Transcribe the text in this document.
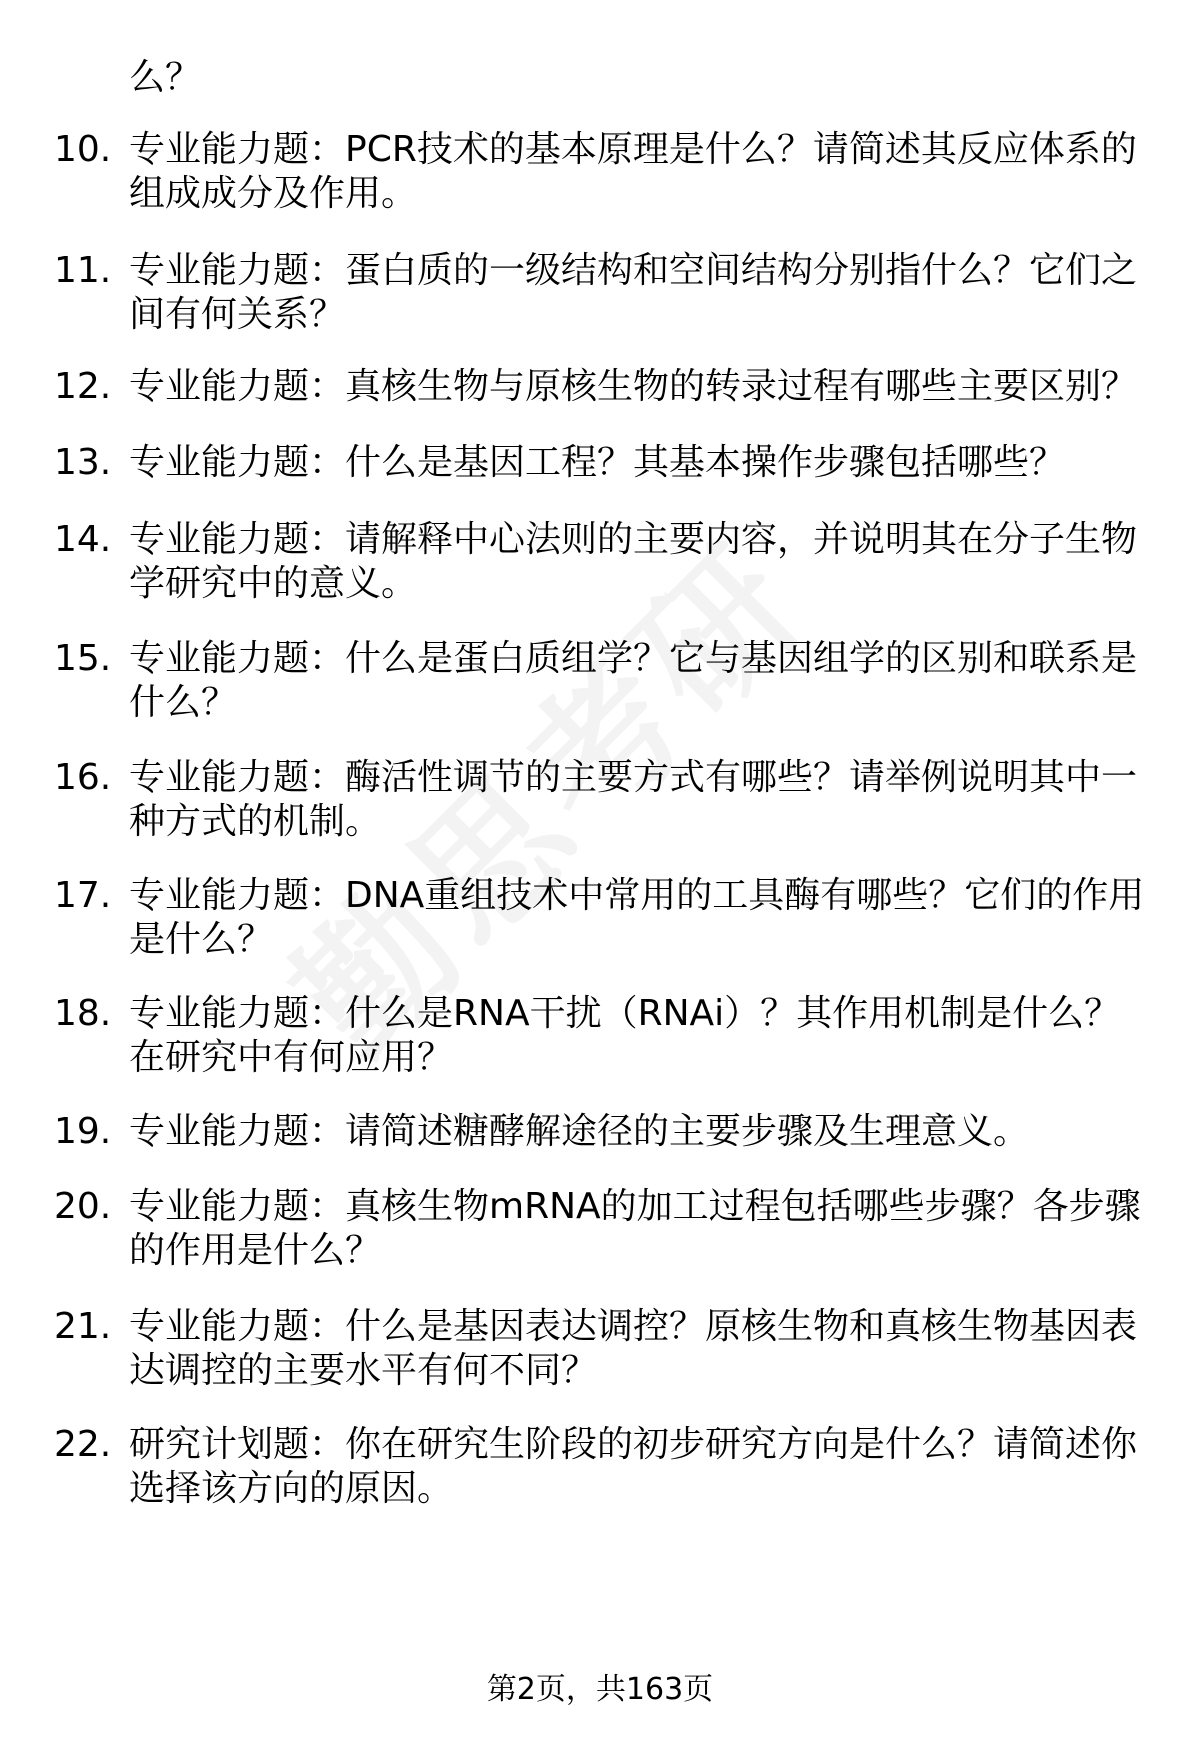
么？
10. 专业能力题：PCR技术的基本原理是什么？请简述其反应体系的
组成成分及作用。
11. 专业能力题：蛋白质的一级结构和空间结构分别指什么？它们之
间有何关系？
12. 专业能力题：真核生物与原核生物的转录过程有哪些主要区别？
13. 专业能力题：什么是基因工程？其基本操作步骤包括哪些？
14. 专业能力题：请解释中心法则的主要内容，并说明其在分子生物
学研究中的意义。
15. 专业能力题：什么是蛋白质组学？它与基因组学的区别和联系是
什么？
16. 专业能力题：酶活性调节的主要方式有哪些？请举例说明其中一
种方式的机制。
17. 专业能力题：DNA重组技术中常用的工具酶有哪些？它们的作用
是什么？
18. 专业能力题：什么是RNA干扰（RNAi）？其作用机制是什么？
在研究中有何应用？
19. 专业能力题：请简述糖酵解途径的主要步骤及生理意义。
20. 专业能力题：真核生物mRNA的加工过程包括哪些步骤？各步骤
的作用是什么？
21. 专业能力题：什么是基因表达调控？原核生物和真核生物基因表
达调控的主要水平有何不同？
22. 研究计划题：你在研究生阶段的初步研究方向是什么？请简述你
选择该方向的原因。
第2页，共163页
